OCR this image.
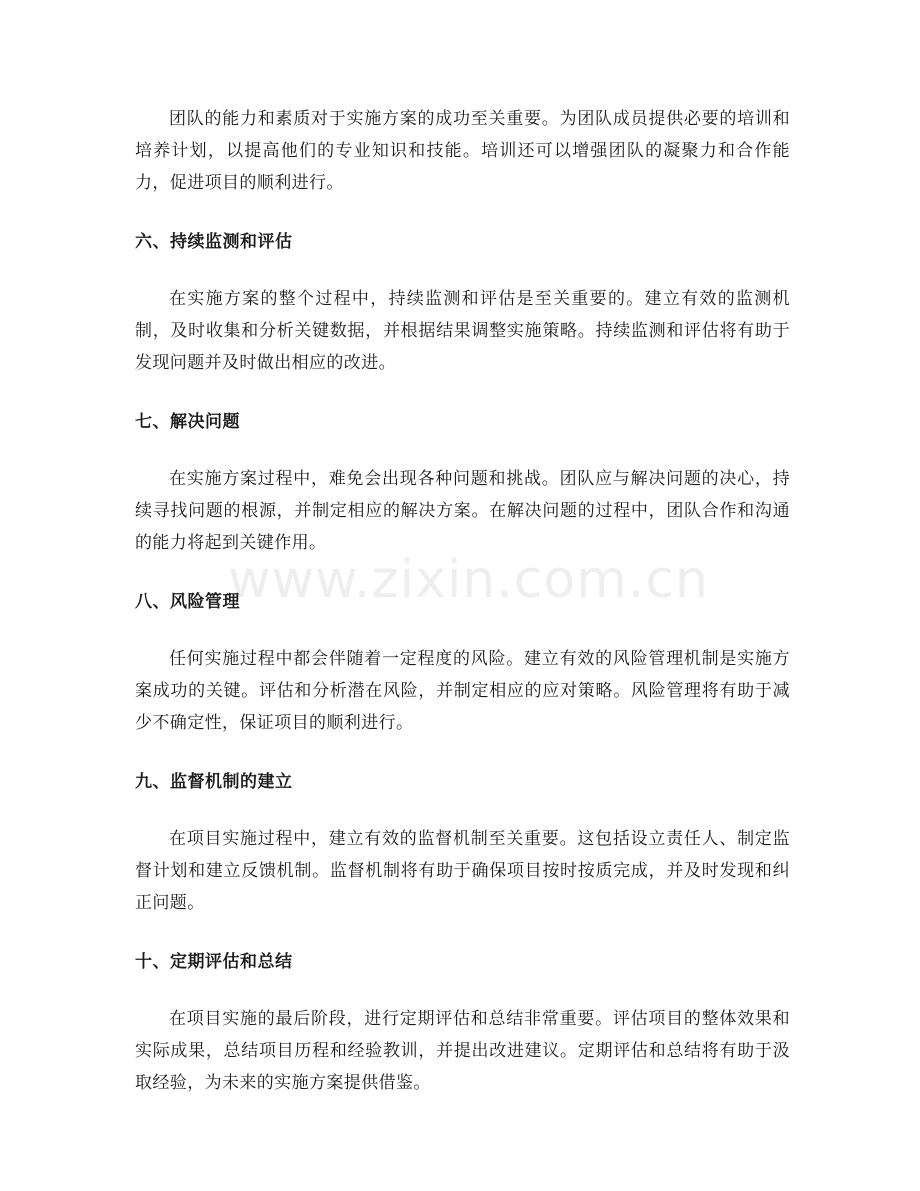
团队的能力和素质对于实施方案的成功至关重要。为团队成员提供必要的培训和培养计划，以提高他们的专业知识和技能。培训还可以增强团队的凝聚力和合作能力，促进项目的顺利进行。

六、持续监测和评估

在实施方案的整个过程中，持续监测和评估是至关重要的。建立有效的监测机制，及时收集和分析关键数据，并根据结果调整实施策略。持续监测和评估将有助于发现问题并及时做出相应的改进。

七、解决问题

在实施方案过程中，难免会出现各种问题和挑战。团队应与解决问题的决心，持续寻找问题的根源，并制定相应的解决方案。在解决问题的过程中，团队合作和沟通的能力将起到关键作用。

八、风险管理

任何实施过程中都会伴随着一定程度的风险。建立有效的风险管理机制是实施方案成功的关键。评估和分析潜在风险，并制定相应的应对策略。风险管理将有助于减少不确定性，保证项目的顺利进行。

九、监督机制的建立

在项目实施过程中，建立有效的监督机制至关重要。这包括设立责任人、制定监督计划和建立反馈机制。监督机制将有助于确保项目按时按质完成，并及时发现和纠正问题。

十、定期评估和总结

在项目实施的最后阶段，进行定期评估和总结非常重要。评估项目的整体效果和实际成果，总结项目历程和经验教训，并提出改进建议。定期评估和总结将有助于汲取经验，为未来的实施方案提供借鉴。

www.zixin.com.cn
